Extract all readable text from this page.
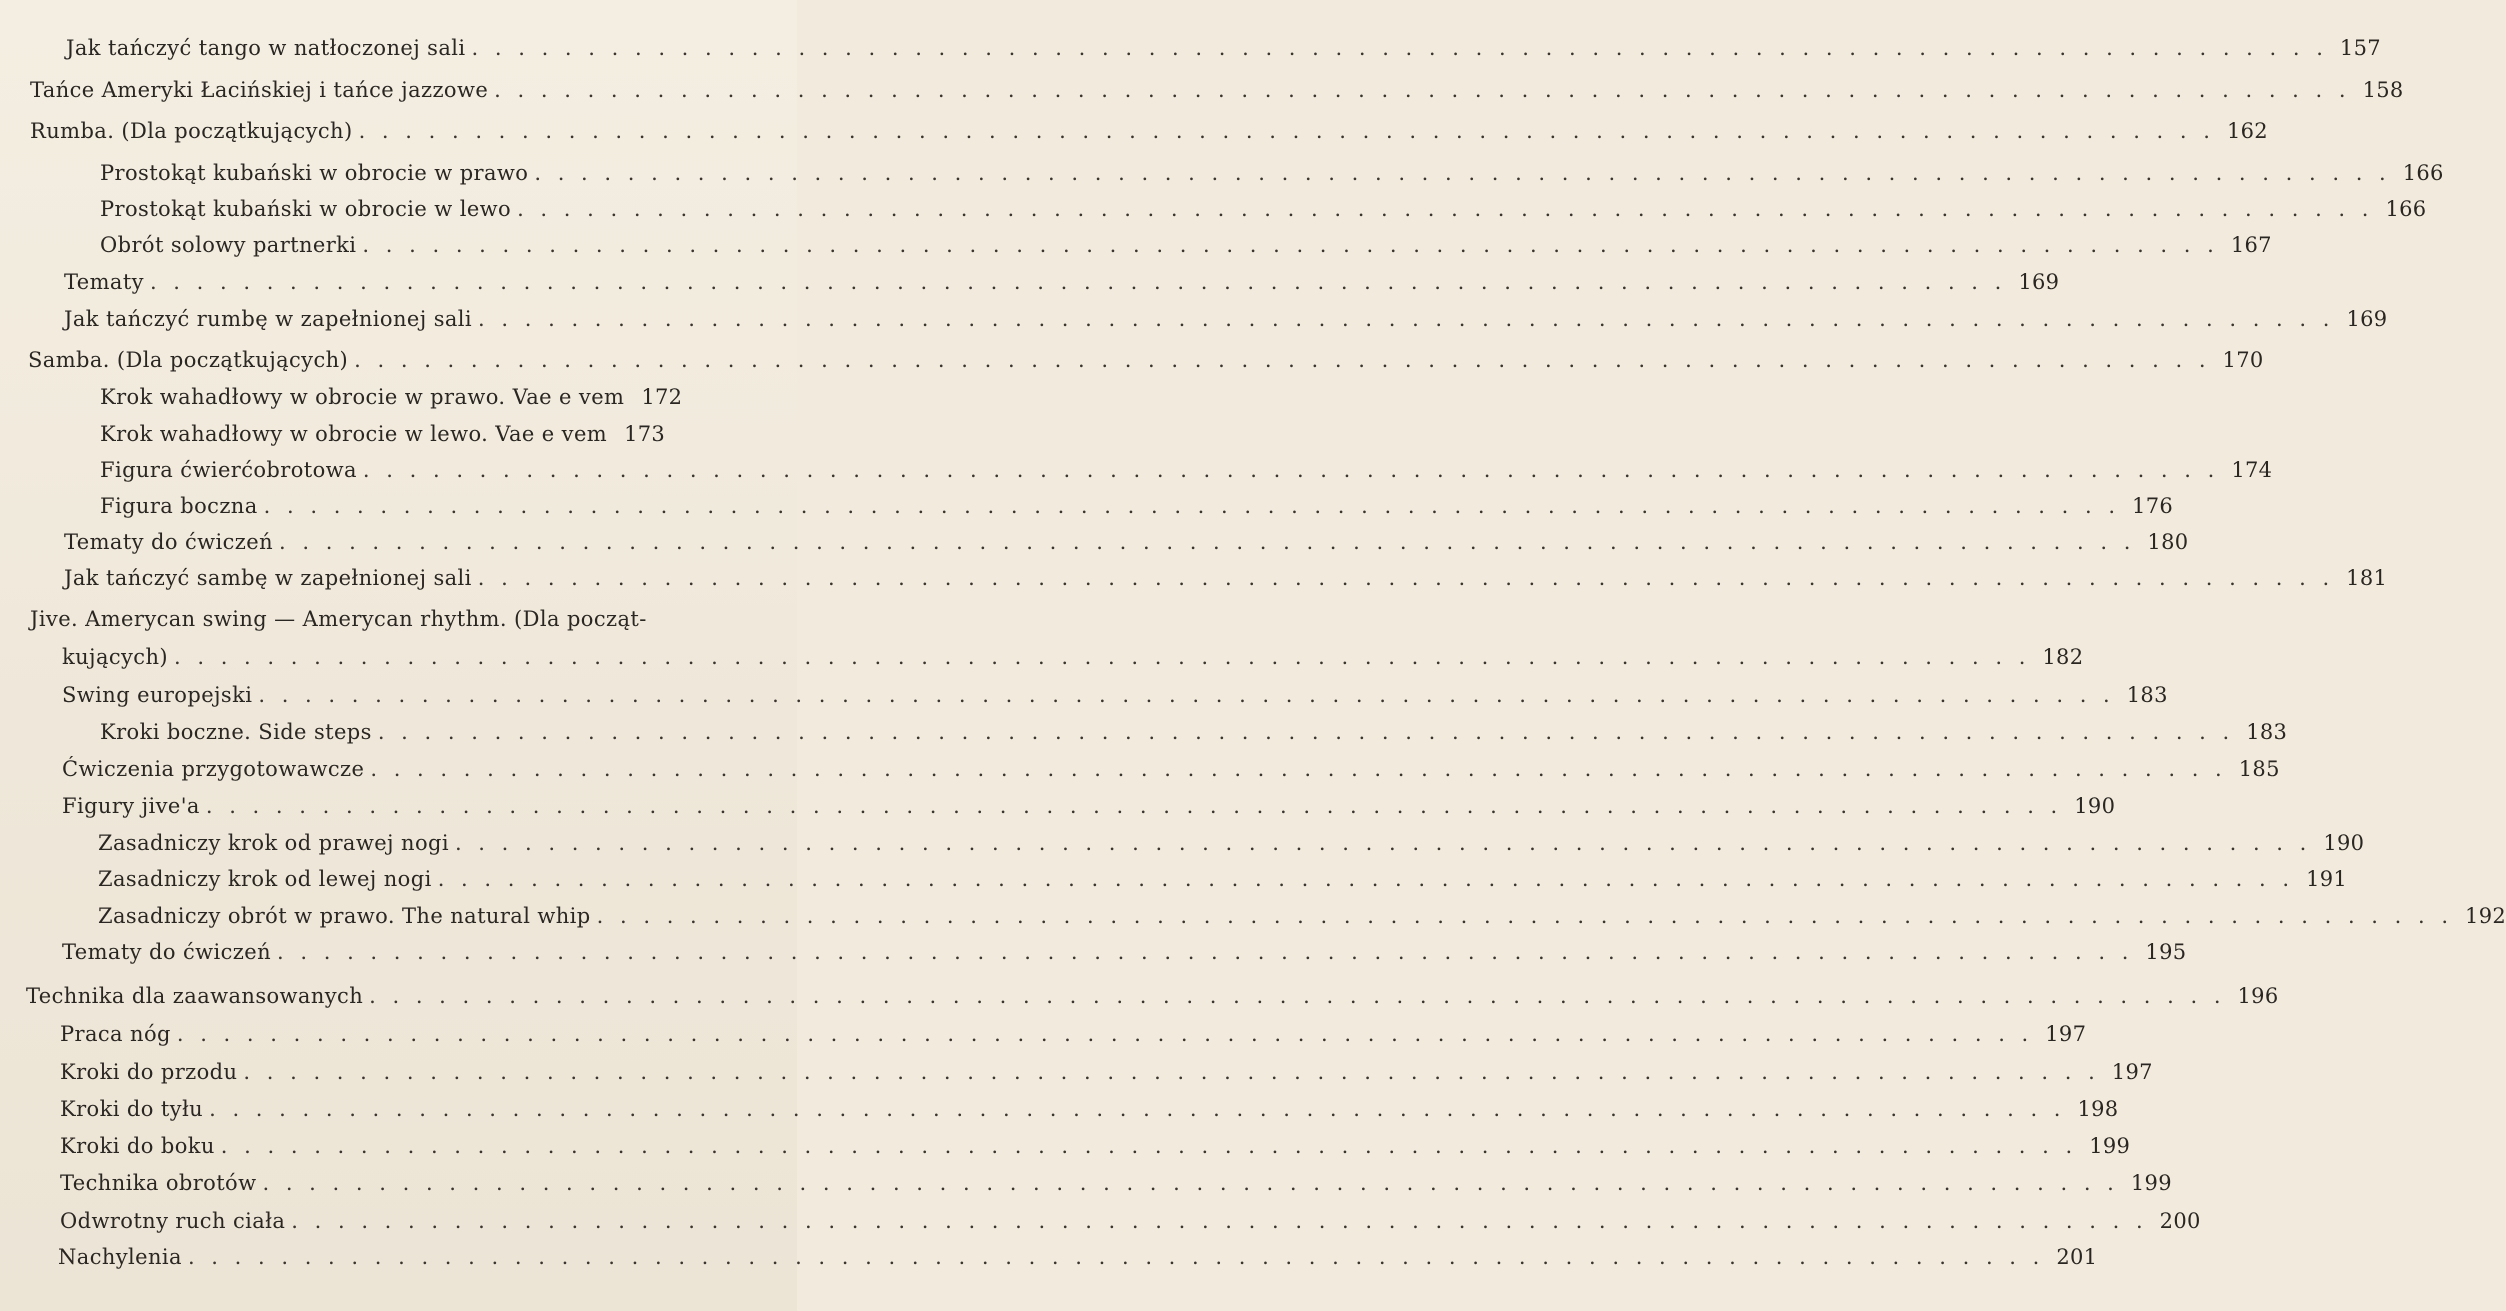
Jak tańczyć tango w natłoczonej sali . . .	157
Tańce Ameryki Łacińskiej i tańce jazzowe . . .	158
Rumba. (Dla początkujących) . . .	162
Prostokąt kubański w obrocie w prawo . . .	166
Prostokąt kubański w obrocie w lewo . . .	166
Obrót solowy partnerki . . .	167
Tematy . . .	169
Jak tańczyć rumbę w zapełnionej sali . . .	169
Samba. (Dla początkujących) . . .	170
Krok wahadłowy w obrocie w prawo. Vae e vem 172
Krok wahadłowy w obrocie w lewo. Vae e vem 173
Figura ćwierćobrotowa . . .	174
Figura boczna . . .	176
Tematy do ćwiczeń . . .	180
Jak tańczyć sambę w zapełnionej sali . . .	181
Jive. Amerycan swing — Amerycan rhythm. (Dla począt-
kujących) . . .	182
Swing europejski . . .	183
Kroki boczne. Side steps . . .	183
Ćwiczenia przygotowawcze . . .	185
Figury jive'a . . .	190
Zasadniczy krok od prawej nogi . . .	190
Zasadniczy krok od lewej nogi . . .	191
Zasadniczy obrót w prawo. The natural whip . . .	192
Tematy do ćwiczeń . . .	195
Technika dla zaawansowanych . . .	196
Praca nóg . . .	197
Kroki do przodu . . .	197
Kroki do tyłu . . .	198
Kroki do boku . . .	199
Technika obrotów . . .	199
Odwrotny ruch ciała . . .	200
Nachylenia . . .	201
